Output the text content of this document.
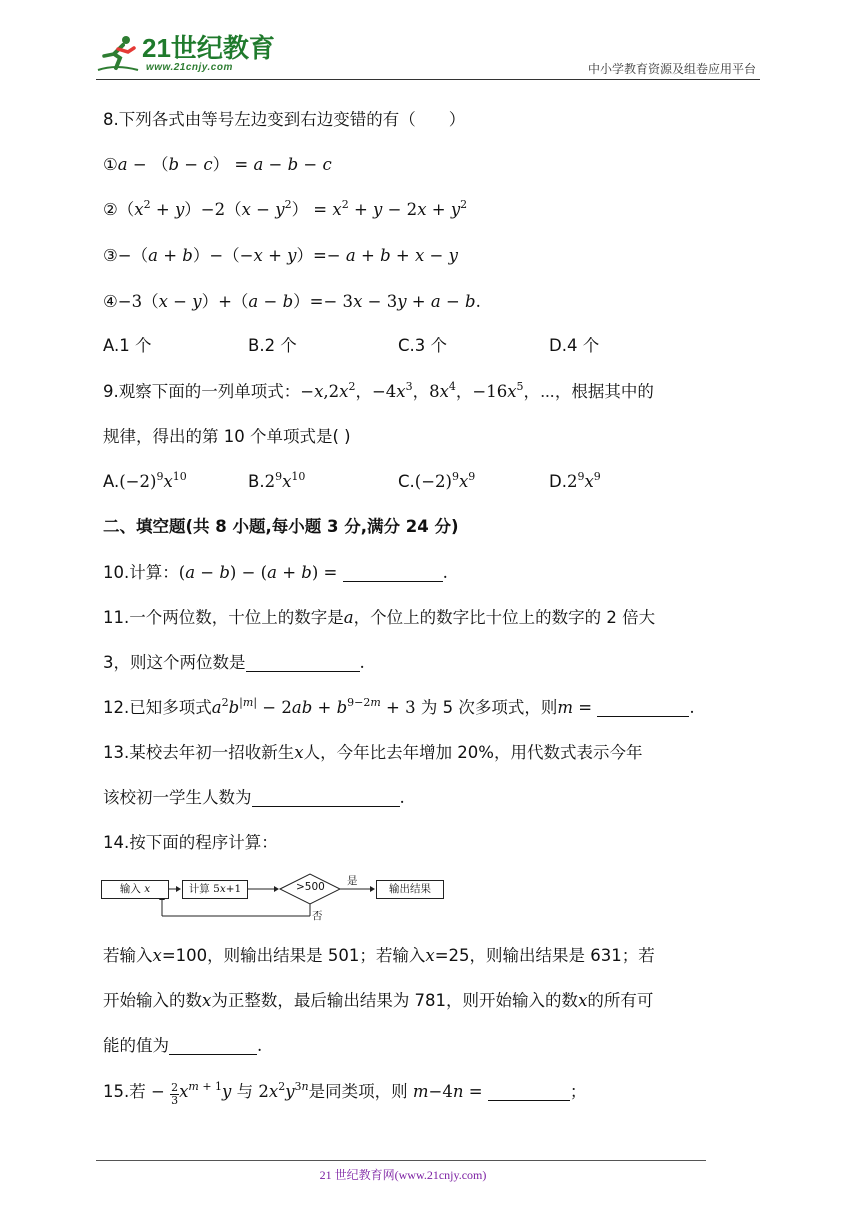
21世纪教育
www.21cnjy.com	中小学教育资源及组卷应用平台
8.下列各式由等号左边变到右边变错的有（　　）
①a − （b − c） = a − b − c
$②(x^2 + y)-2(x - y^2) = x^2 + y - 2x + y^2$
③−（a + b）−（−x + y）=− a + b + x − y
④−3（x − y）+（a − b）=− 3x − 3y + a − b.
A.1 个	B.2 个	C.3 个	D.4 个
9.观察下面的一列单项式：$-x,2x^2$，$-4x^3$，$8x^4$，$-16x^5$，⋯，根据其中的
规律，得出的第 10 个单项式是( )
$A.(-2)^9x^{10}$	$B.2^9x^{10}$	$C.(-2)^9x^9$	$D.2^9x^9$
二、填空题(共 8 小题,每小题 3 分,满分 24 分)
10.计算：(a − b) − (a + b) =	.
11.一个两位数，十位上的数字是a，个位上的数字比十位上的数字的 2 倍大
3，则这个两位数是	.
12.已知多项式$a^2b^{|m|} - 2ab + b^{9-2m} + 3$ 为 5 次多项式，则m =	.
13.某校去年初一招收新生x人，今年比去年增加 20%，用代数式表示今年
该校初一学生人数为	.
14.按下面的程序计算：
输入 x	计算 5x+1	>500 是
否
输出结果
若输入x=100，则输出结果是 501；若输入x=25，则输出结果是 631；若
开始输入的数x为正整数，最后输出结果为 781，则开始输入的数x的所有可
能的值为	.
15.若 − $\frac{2}{3} x^{m + 1}y$ 与 $2x^2y^{3n}$是同类项，则 m−4n =	；
21 世纪教育网(www.21cnjy.com)
